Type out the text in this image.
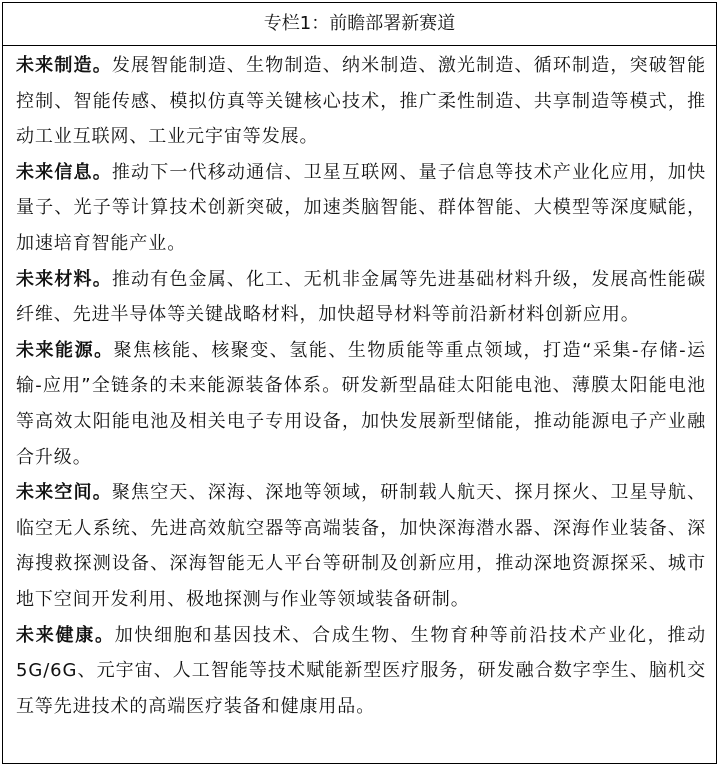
专栏1：前瞻部署新赛道

未来制造。发展智能制造、生物制造、纳米制造、激光制造、循环制造，突破智能控制、智能传感、模拟仿真等关键核心技术，推广柔性制造、共享制造等模式，推动工业互联网、工业元宇宙等发展。

未来信息。推动下一代移动通信、卫星互联网、量子信息等技术产业化应用，加快量子、光子等计算技术创新突破，加速类脑智能、群体智能、大模型等深度赋能，加速培育智能产业。

未来材料。推动有色金属、化工、无机非金属等先进基础材料升级，发展高性能碳纤维、先进半导体等关键战略材料，加快超导材料等前沿新材料创新应用。

未来能源。聚焦核能、核聚变、氢能、生物质能等重点领域，打造“采集-存储-运输-应用”全链条的未来能源装备体系。研发新型晶硅太阳能电池、薄膜太阳能电池等高效太阳能电池及相关电子专用设备，加快发展新型储能，推动能源电子产业融合升级。

未来空间。聚焦空天、深海、深地等领域，研制载人航天、探月探火、卫星导航、临空无人系统、先进高效航空器等高端装备，加快深海潜水器、深海作业装备、深海搜救探测设备、深海智能无人平台等研制及创新应用，推动深地资源探采、城市地下空间开发利用、极地探测与作业等领域装备研制。

未来健康。加快细胞和基因技术、合成生物、生物育种等前沿技术产业化，推动5G/6G、元宇宙、人工智能等技术赋能新型医疗服务，研发融合数字孪生、脑机交互等先进技术的高端医疗装备和健康用品。
